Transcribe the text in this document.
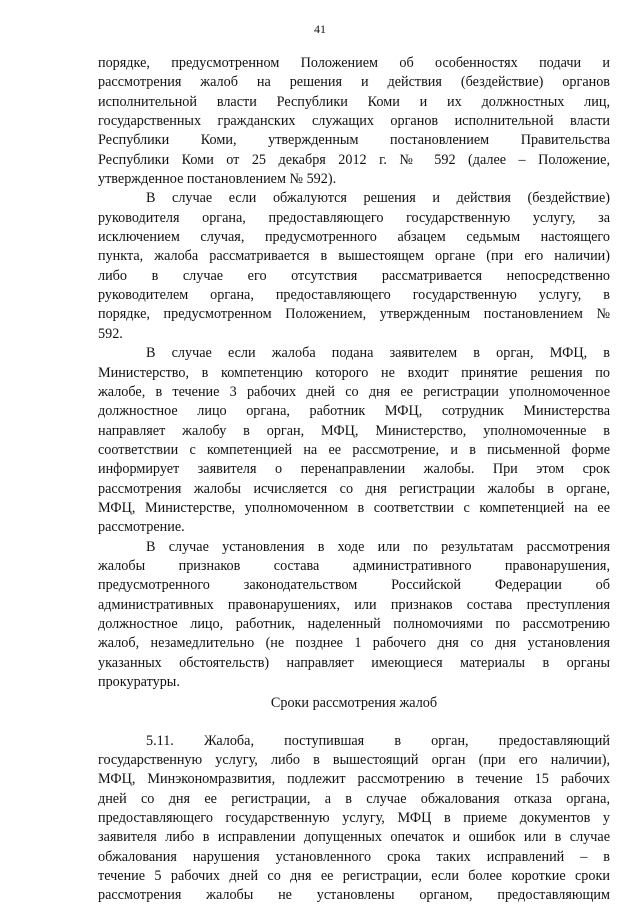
41
порядке, предусмотренном Положением об особенностях подачи и
рассмотрения жалоб на решения и действия (бездействие) органов
исполнительной власти Республики Коми и их должностных лиц,
государственных гражданских служащих органов исполнительной власти
Республики Коми, утвержденным постановлением Правительства
Республики Коми от 25 декабря 2012 г. № 592 (далее – Положение,
утвержденное постановлением № 592).
В случае если обжалуются решения и действия (бездействие)
руководителя органа, предоставляющего государственную услугу, за
исключением случая, предусмотренного абзацем седьмым настоящего
пункта, жалоба рассматривается в вышестоящем органе (при его наличии)
либо в случае его отсутствия рассматривается непосредственно
руководителем органа, предоставляющего государственную услугу, в
порядке, предусмотренном Положением, утвержденным постановлением №
592.
В случае если жалоба подана заявителем в орган, МФЦ, в
Министерство, в компетенцию которого не входит принятие решения по
жалобе, в течение 3 рабочих дней со дня ее регистрации уполномоченное
должностное лицо органа, работник МФЦ, сотрудник Министерства
направляет жалобу в орган, МФЦ, Министерство, уполномоченные в
соответствии с компетенцией на ее рассмотрение, и в письменной форме
информирует заявителя о перенаправлении жалобы. При этом срок
рассмотрения жалобы исчисляется со дня регистрации жалобы в органе,
МФЦ, Министерстве, уполномоченном в соответствии с компетенцией на ее
рассмотрение.
В случае установления в ходе или по результатам рассмотрения
жалобы признаков состава административного правонарушения,
предусмотренного законодательством Российской Федерации об
административных правонарушениях, или признаков состава преступления
должностное лицо, работник, наделенный полномочиями по рассмотрению
жалоб, незамедлительно (не позднее 1 рабочего дня со дня установления
указанных обстоятельств) направляет имеющиеся материалы в органы
прокуратуры.
Сроки рассмотрения жалоб
5.11. Жалоба, поступившая в орган, предоставляющий
государственную услугу, либо в вышестоящий орган (при его наличии),
МФЦ, Минэкономразвития, подлежит рассмотрению в течение 15 рабочих
дней со дня ее регистрации, а в случае обжалования отказа органа,
предоставляющего государственную услугу, МФЦ в приеме документов у
заявителя либо в исправлении допущенных опечаток и ошибок или в случае
обжалования нарушения установленного срока таких исправлений – в
течение 5 рабочих дней со дня ее регистрации, если более короткие сроки
рассмотрения жалобы не установлены органом, предоставляющим
